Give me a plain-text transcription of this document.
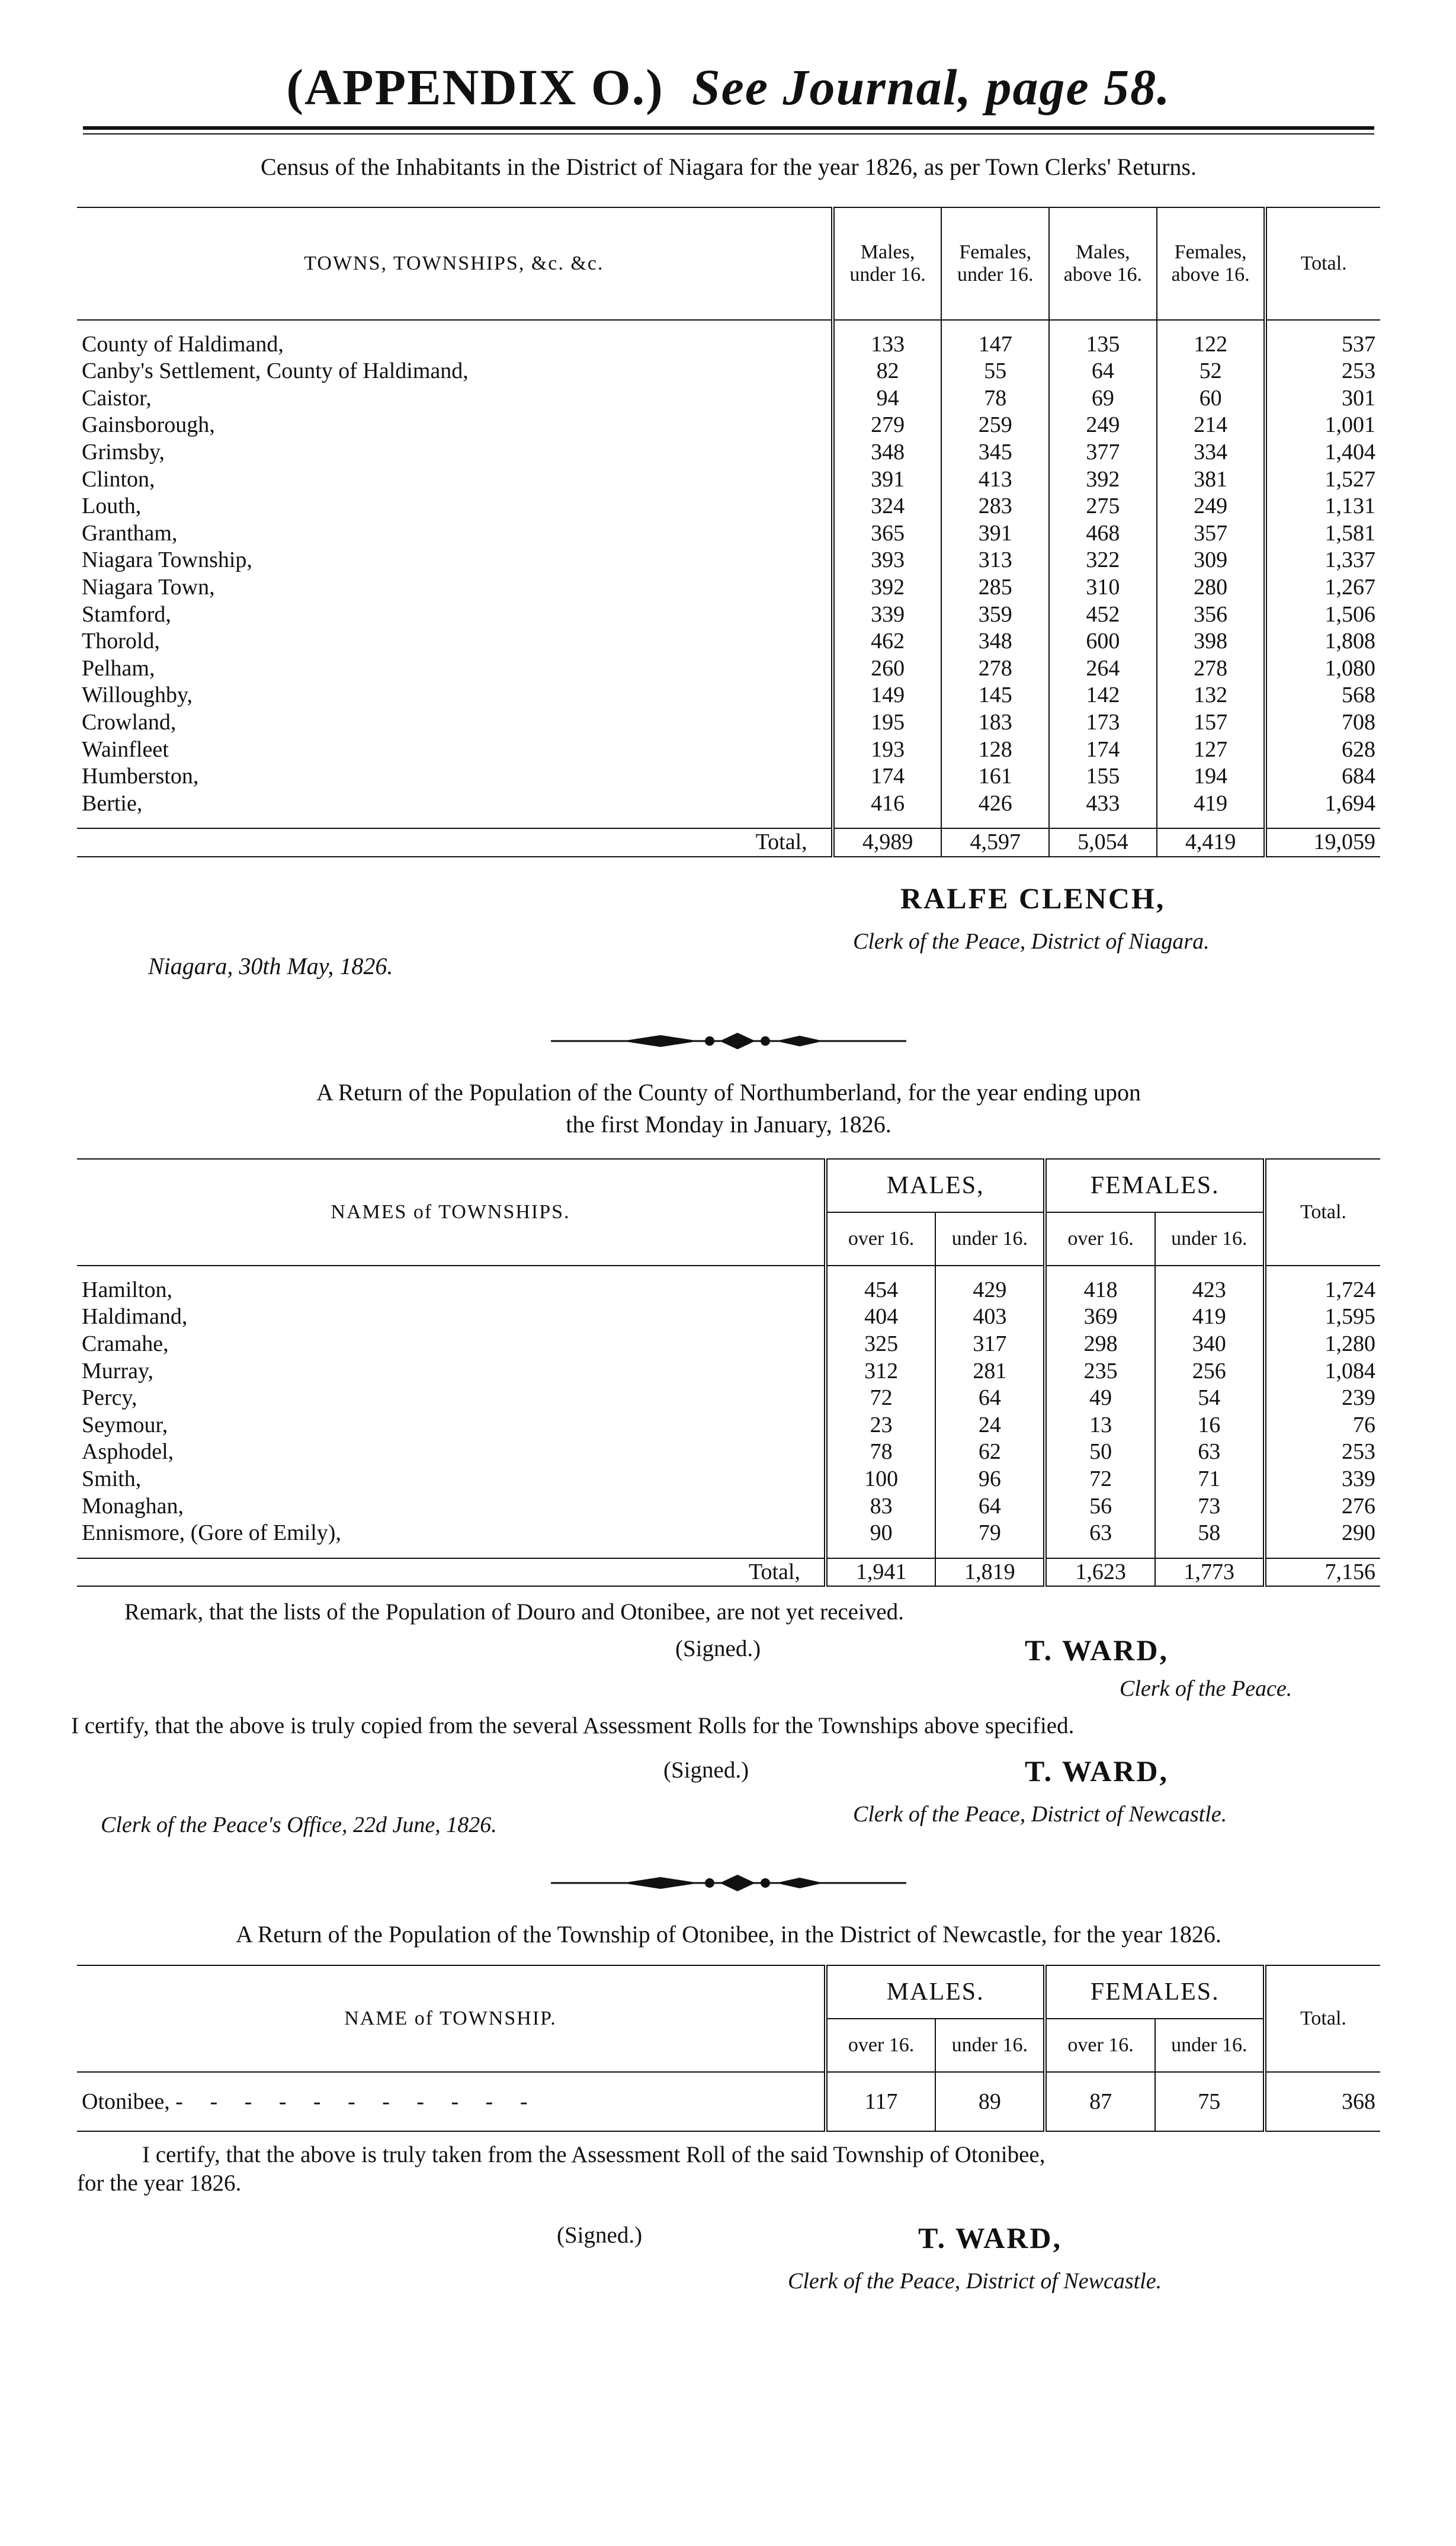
(APPENDIX O.) See Journal, page 58.
Census of the Inhabitants in the District of Niagara for the year 1826, as per Town Clerks' Returns.
TOWNS, TOWNSHIPS, &c. &c.	Males, under 16.	Females, under 16.	Males, above 16.	Females, above 16.	Total.

County of Haldimand,	133	147	135	122	537
Canby's Settlement, County of Haldimand,	82	55	64	52	253
Caistor,	94	78	69	60	301
Gainsborough,	279	259	249	214	1,001
Grimsby,	348	345	377	334	1,404
Clinton,	391	413	392	381	1,527
Louth,	324	283	275	249	1,131
Grantham,	365	391	468	357	1,581
Niagara Township,	393	313	322	309	1,337
Niagara Town,	392	285	310	280	1,267
Stamford,	339	359	452	356	1,506
Thorold,	462	348	600	398	1,808
Pelham,	260	278	264	278	1,080
Willoughby,	149	145	142	132	568
Crowland,	195	183	173	157	708
Wainfleet	193	128	174	127	628
Humberston,	174	161	155	194	684
Bertie,	416	426	433	419	1,694

Total,	4,989	4,597	5,054	4,419	19,059
RALFE CLENCH,
Clerk of the Peace, District of Niagara.
Niagara, 30th May, 1826.
A Return of the Population of the County of Northumberland, for the year ending upon
the first Monday in January, 1826.
NAMES of TOWNSHIPS.	MALES,		FEMALES.		Total.
	over 16.	under 16.	over 16.	under 16.	

Hamilton,	454	429	418	423	1,724
Haldimand,	404	403	369	419	1,595
Cramahe,	325	317	298	340	1,280
Murray,	312	281	235	256	1,084
Percy,	72	64	49	54	239
Seymour,	23	24	13	16	76
Asphodel,	78	62	50	63	253
Smith,	100	96	72	71	339
Monaghan,	83	64	56	73	276
Ennismore, (Gore of Emily),	90	79	63	58	290

Total,	1,941	1,819	1,623	1,773	7,156
Remark, that the lists of the Population of Douro and Otonibee, are not yet received.
(Signed.)	T. WARD,
Clerk of the Peace.
I certify, that the above is truly copied from the several Assessment Rolls for the Townships above specified.
(Signed.)	T. WARD,
Clerk of the Peace, District of Newcastle.
Clerk of the Peace's Office, 22d June, 1826.
A Return of the Population of the Township of Otonibee, in the District of Newcastle, for the year 1826.
NAME of TOWNSHIP.	MALES.		FEMALES.		Total.
	over 16.	under 16.	over 16.	under 16.	
Otonibee, - - - - - - - - - - -	117	89	87	75	368
I certify, that the above is truly taken from the Assessment Roll of the said Township of Otonibee,
for the year 1826.
(Signed.)	T. WARD,
Clerk of the Peace, District of Newcastle.
